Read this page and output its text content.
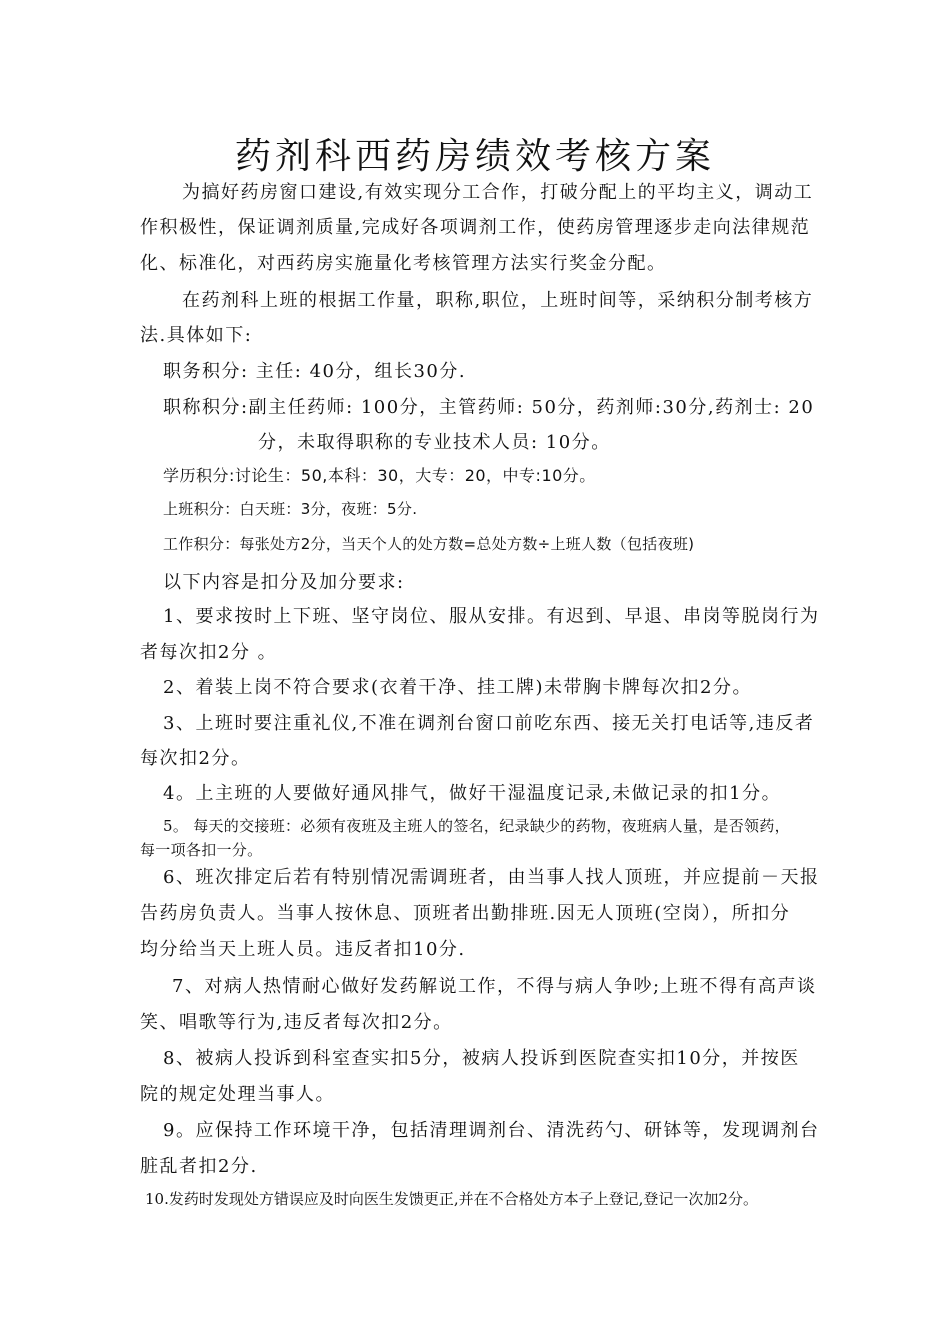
药剂科西药房绩效考核方案
为搞好药房窗口建设,有效实现分工合作，打破分配上的平均主义，调动工
作积极性，保证调剂质量,完成好各项调剂工作，使药房管理逐步走向法律规范
化、标准化，对西药房实施量化考核管理方法实行奖金分配。
在药剂科上班的根据工作量，职称,职位，上班时间等，采纳积分制考核方
法.具体如下:
职务积分: 主任: 40分，组长30分.
职称积分:副主任药师: 100分，主管药师: 50分，药剂师:30分,药剂士: 20
分，未取得职称的专业技术人员: 10分。
学历积分:讨论生：50,本科：30，大专：20，中专:10分。
上班积分：白天班：3分，夜班：5分.
工作积分：每张处方2分，当天个人的处方数=总处方数÷上班人数（包括夜班)
以下内容是扣分及加分要求:
1、要求按时上下班、坚守岗位、服从安排。有迟到、早退、串岗等脱岗行为
者每次扣2分 。
2、着装上岗不符合要求(衣着干净、挂工牌)未带胸卡牌每次扣2分。
3、上班时要注重礼仪,不准在调剂台窗口前吃东西、接无关打电话等,违反者
每次扣2分。
4。上主班的人要做好通风排气，做好干湿温度记录,未做记录的扣1分。
5。 每天的交接班：必须有夜班及主班人的签名，纪录缺少的药物，夜班病人量，是否领药，
每一项各扣一分。
6、班次排定后若有特别情况需调班者，由当事人找人顶班，并应提前－天报
告药房负责人。当事人按休息、顶班者出勤排班.因无人顶班(空岗），所扣分
均分给当天上班人员。违反者扣10分.
7、对病人热情耐心做好发药解说工作，不得与病人争吵;上班不得有高声谈
笑、唱歌等行为,违反者每次扣2分。
8、被病人投诉到科室查实扣5分，被病人投诉到医院查实扣10分，并按医
院的规定处理当事人。
9。应保持工作环境干净，包括清理调剂台、清洗药勺、研钵等，发现调剂台
脏乱者扣2分.
10.发药时发现处方错误应及时向医生发馈更正,并在不合格处方本子上登记,登记一次加2分。
